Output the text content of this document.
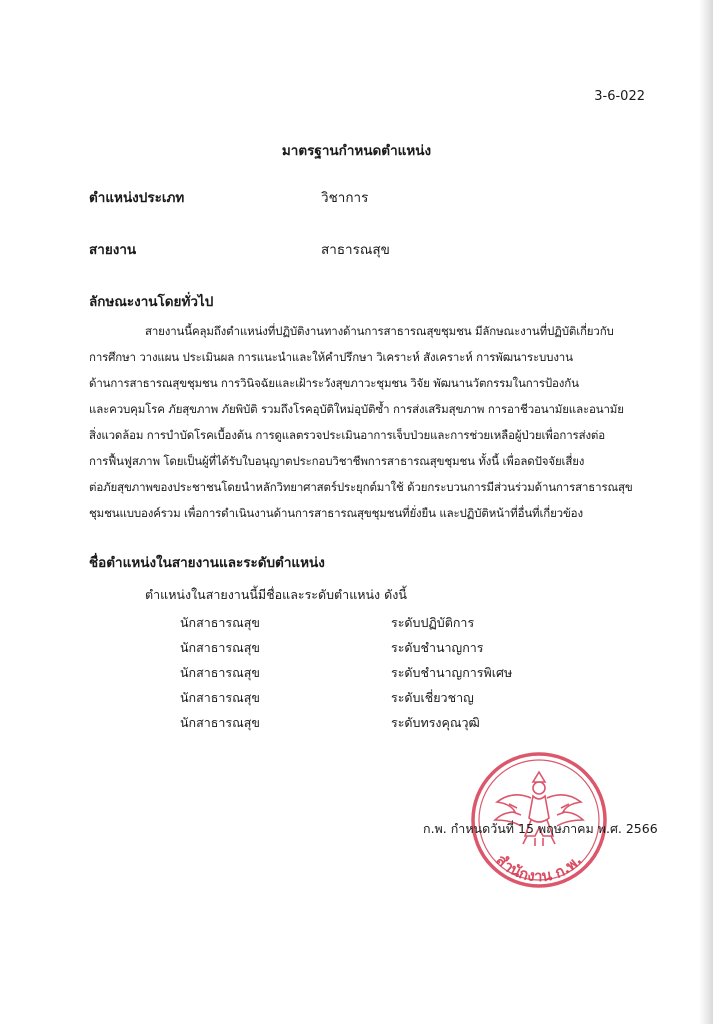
3-6-022
มาตรฐานกำหนดตำแหน่ง
ตำแหน่งประเภท	วิชาการ
สายงาน	สาธารณสุข
ลักษณะงานโดยทั่วไป
สายงานนี้คลุมถึงตำแหน่งที่ปฏิบัติงานทางด้านการสาธารณสุขชุมชน มีลักษณะงานที่ปฏิบัติเกี่ยวกับ
การศึกษา วางแผน ประเมินผล การแนะนำและให้คำปรึกษา วิเคราะห์ สังเคราะห์ การพัฒนาระบบงาน
ด้านการสาธารณสุขชุมชน การวินิจฉัยและเฝ้าระวังสุขภาวะชุมชน วิจัย พัฒนานวัตกรรมในการป้องกัน
และควบคุมโรค ภัยสุขภาพ ภัยพิบัติ รวมถึงโรคอุบัติใหม่อุบัติซ้ำ การส่งเสริมสุขภาพ การอาชีวอนามัยและอนามัย
สิ่งแวดล้อม การบำบัดโรคเบื้องต้น การดูแลตรวจประเมินอาการเจ็บป่วยและการช่วยเหลือผู้ป่วยเพื่อการส่งต่อ
การฟื้นฟูสภาพ โดยเป็นผู้ที่ได้รับใบอนุญาตประกอบวิชาชีพการสาธารณสุขชุมชน ทั้งนี้ เพื่อลดปัจจัยเสี่ยง
ต่อภัยสุขภาพของประชาชนโดยนำหลักวิทยาศาสตร์ประยุกต์มาใช้ ด้วยกระบวนการมีส่วนร่วมด้านการสาธารณสุข
ชุมชนแบบองค์รวม เพื่อการดำเนินงานด้านการสาธารณสุขชุมชนที่ยั่งยืน และปฏิบัติหน้าที่อื่นที่เกี่ยวข้อง
ชื่อตำแหน่งในสายงานและระดับตำแหน่ง
ตำแหน่งในสายงานนี้มีชื่อและระดับตำแหน่ง ดังนี้
นักสาธารณสุข	ระดับปฏิบัติการ
นักสาธารณสุข	ระดับชำนาญการ
นักสาธารณสุข	ระดับชำนาญการพิเศษ
นักสาธารณสุข	ระดับเชี่ยวชาญ
นักสาธารณสุข	ระดับทรงคุณวุฒิ
สำนักงาน ก.พ.
ก.พ. กำหนดวันที่ 15 พฤษภาคม พ.ศ. 2566
